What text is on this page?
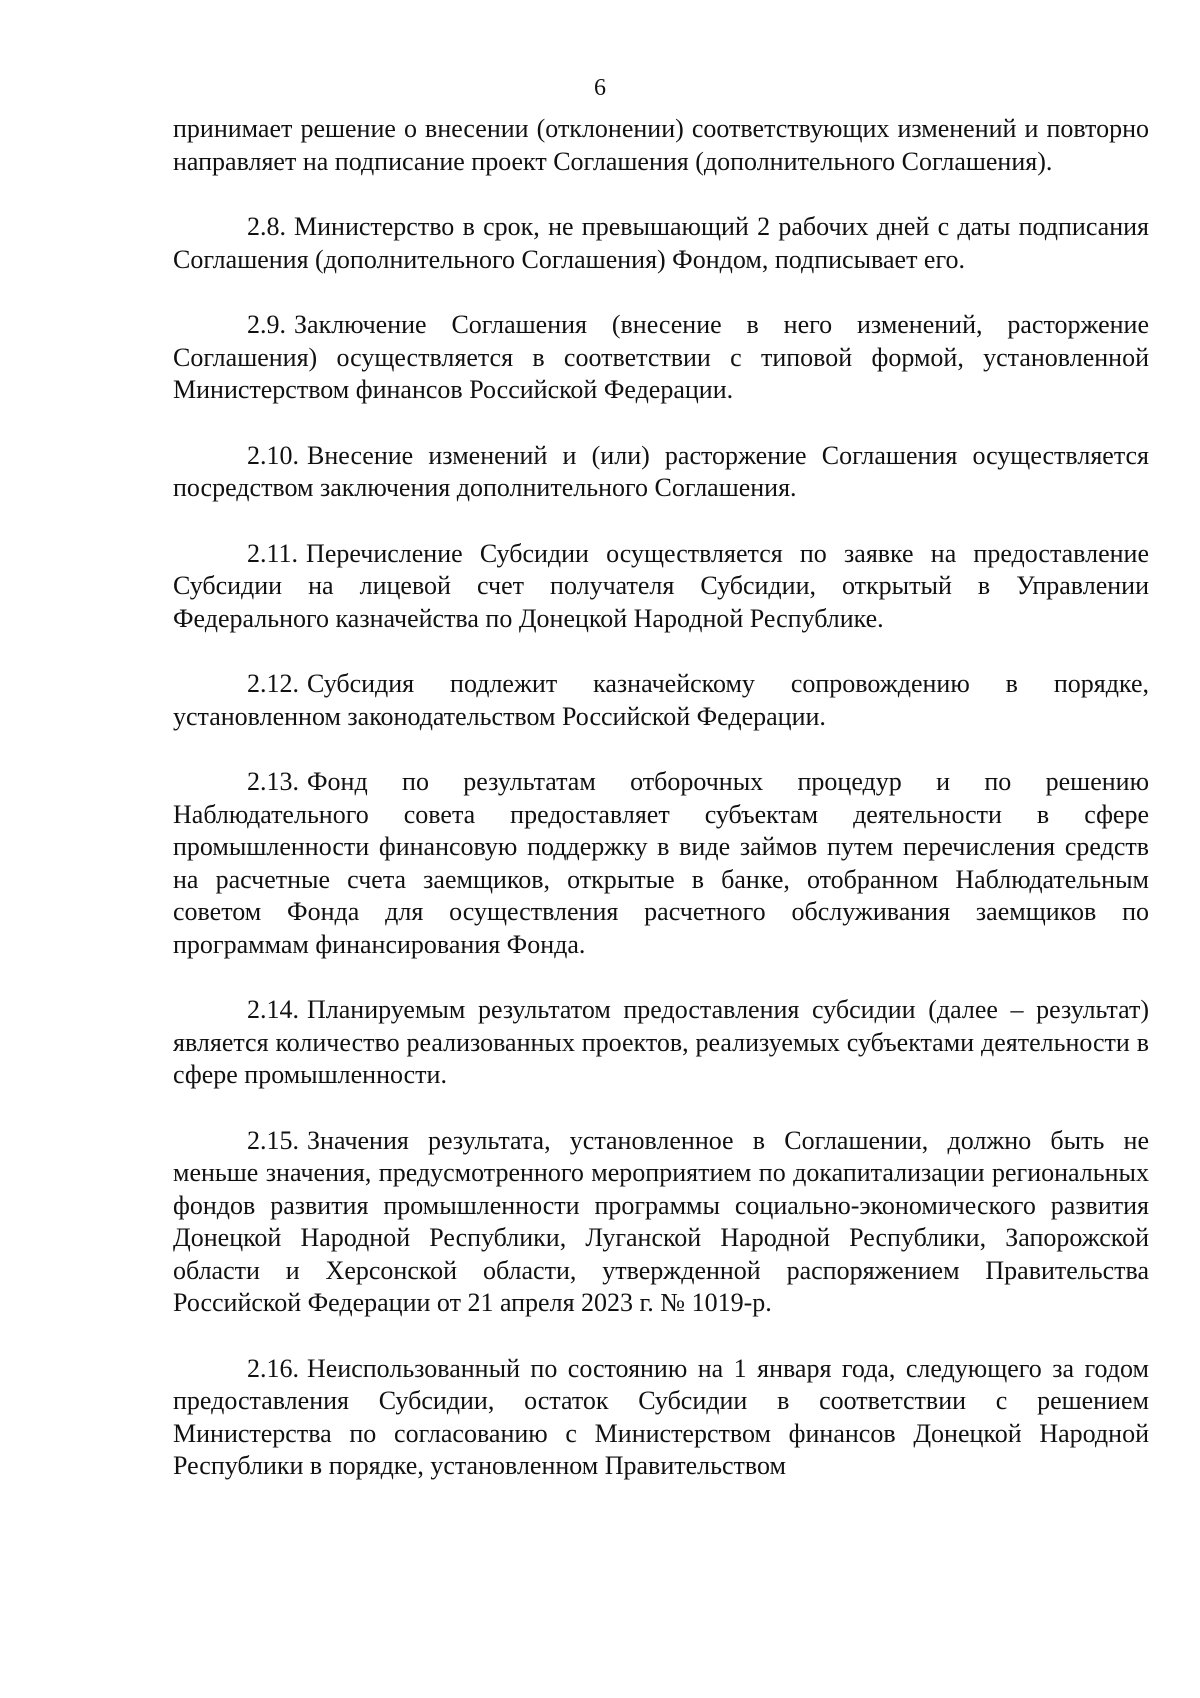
6

принимает решение о внесении (отклонении) соответствующих изменений и повторно направляет на подписание проект Соглашения (дополнительного Соглашения).

2.8. Министерство в срок, не превышающий 2 рабочих дней с даты подписания Соглашения (дополнительного Соглашения) Фондом, подписывает его.

2.9. Заключение Соглашения (внесение в него изменений, расторжение Соглашения) осуществляется в соответствии с типовой формой, установленной Министерством финансов Российской Федерации.

2.10. Внесение изменений и (или) расторжение Соглашения осуществляется посредством заключения дополнительного Соглашения.

2.11. Перечисление Субсидии осуществляется по заявке на предоставление Субсидии на лицевой счет получателя Субсидии, открытый в Управлении Федерального казначейства по Донецкой Народной Республике.

2.12. Субсидия подлежит казначейскому сопровождению в порядке, установленном законодательством Российской Федерации.

2.13. Фонд по результатам отборочных процедур и по решению Наблюдательного совета предоставляет субъектам деятельности в сфере промышленности финансовую поддержку в виде займов путем перечисления средств на расчетные счета заемщиков, открытые в банке, отобранном Наблюдательным советом Фонда для осуществления расчетного обслуживания заемщиков по программам финансирования Фонда.

2.14. Планируемым результатом предоставления субсидии (далее – результат) является количество реализованных проектов, реализуемых субъектами деятельности в сфере промышленности.

2.15. Значения результата, установленное в Соглашении, должно быть не меньше значения, предусмотренного мероприятием по докапитализации региональных фондов развития промышленности программы социально-экономического развития Донецкой Народной Республики, Луганской Народной Республики, Запорожской области и Херсонской области, утвержденной распоряжением Правительства Российской Федерации от 21 апреля 2023 г. № 1019-р.

2.16. Неиспользованный по состоянию на 1 января года, следующего за годом предоставления Субсидии, остаток Субсидии в соответствии с решением Министерства по согласованию с Министерством финансов Донецкой Народной Республики в порядке, установленном Правительством
